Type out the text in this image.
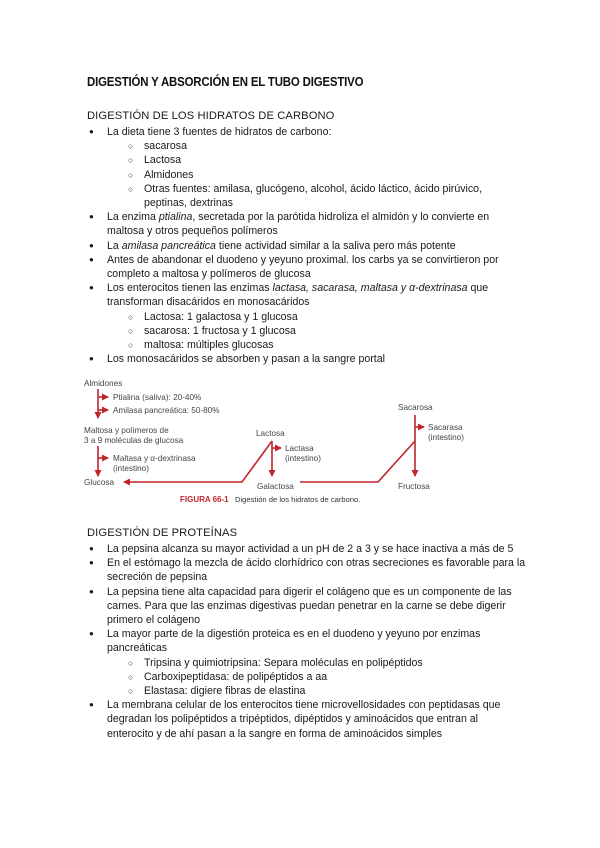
DIGESTIÓN Y ABSORCIÓN EN EL TUBO DIGESTIVO
DIGESTIÓN DE LOS HIDRATOS DE CARBONO
● La dieta tiene 3 fuentes de hidratos de carbono:
○ sacarosa
○ Lactosa
○ Almidones
○ Otras fuentes: amilasa, glucógeno, alcohol, ácido láctico, ácido pirúvico,
peptinas, dextrinas
● La enzima ptialina, secretada por la parótida hidroliza el almidón y lo convierte en maltosa y otros pequeños polímeros
● La amilasa pancreática tiene actividad similar a la saliva pero más potente
● Antes de abandonar el duodeno y yeyuno proximal. los carbs ya se convirtieron por completo a maltosa y polímeros de glucosa
● Los enterocitos tienen las enzimas lactasa, sacarasa, maltasa y α-dextrinasa que transforman disacáridos en monosacáridos
○ Lactosa: 1 galactosa y 1 glucosa
○ sacarosa: 1 fructosa y 1 glucosa
○ maltosa: múltiples glucosas
● Los monosacáridos se absorben y pasan a la sangre portal
Almidones
Ptialina (saliva): 20-40%
Amilasa pancreática: 50-80%
Maltosa y polímeros de
3 a 9 moléculas de glucosa
Maltasa y α-dextrinasa
(intestino)
Glucosa
Lactosa
Lactasa
(intestino)
Galactosa
Sacarosa
Sacarasa
(intestino)
Fructosa
FIGURA 66-1 Digestión de los hidratos de carbono.
DIGESTIÓN DE PROTEÍNAS
● La pepsina alcanza su mayor actividad a un pH de 2 a 3 y se hace inactiva a más de 5
● En el estómago la mezcla de ácido clorhídrico con otras secreciones es favorable para la secreción de pepsina
● La pepsina tiene alta capacidad para digerir el colágeno que es un componente de las carnes. Para que las enzimas digestivas puedan penetrar en la carne se debe digerir primero el colágeno
● La mayor parte de la digestión proteica es en el duodeno y yeyuno por enzimas pancreáticas
○ Tripsina y quimiotripsina: Separa moléculas en polipéptidos
○ Carboxipeptidasa: de polipéptidos a aa
○ Elastasa: digiere fibras de elastina
● La membrana celular de los enterocitos tiene microvellosidades con peptidasas que degradan los polipéptidos a tripéptidos, dipéptidos y aminoácidos que entran al enterocito y de ahí pasan a la sangre en forma de aminoácidos simples
